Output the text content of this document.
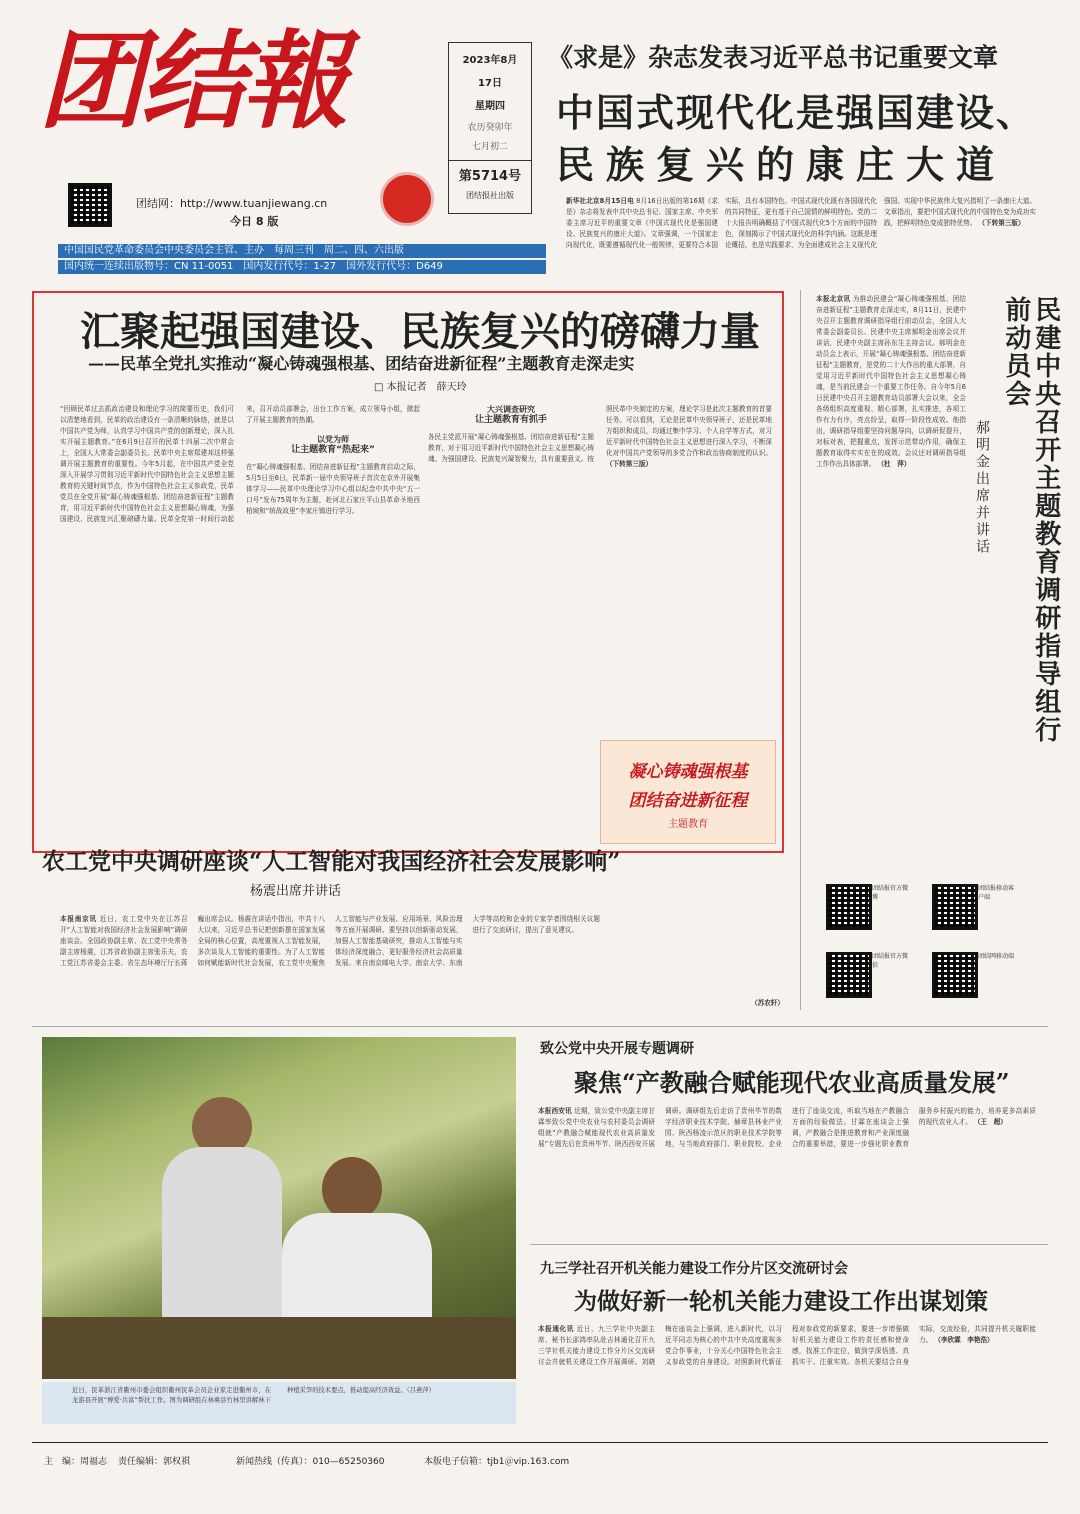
团结報	2023年8月
17日
星期四
农历癸卯年
七月初二
第5714号
团结报社出版
团结网：http://www.tuanjiewang.cn
今日 8 版
中国国民党革命委员会中央委员会主管、主办　每周三刊　周二、四、六出版
国内统一连续出版物号：CN 11-0051　国内发行代号：1-27　国外发行代号：D649
《求是》杂志发表习近平总书记重要文章
中国式现代化是强国建设、
民族复兴的康庄大道
新华社北京8月15日电 8月16日出版的第16期《求是》杂志将发表中共中央总书记、国家主席、中央军委主席习近平的重要文章《中国式现代化是强国建设、民族复兴的康庄大道》。文章强调，一个国家走向现代化，既要遵循现代化一般规律，更要符合本国实际，具有本国特色。中国式现代化既有各国现代化的共同特征，更有基于自己国情的鲜明特色。党的二十大报告明确概括了中国式现代化5个方面的中国特色，深刻揭示了中国式现代化的科学内涵。这既是理论概括，也是实践要求，为全面建成社会主义现代化强国、实现中华民族伟大复兴指明了一条康庄大道。文章指出，要把中国式现代化的中国特色变为成功实践，把鲜明特色变成独特优势。 （下转第三版）
汇聚起强国建设、民族复兴的磅礴力量
——民革全党扎实推动“凝心铸魂强根基、团结奋进新征程”主题教育走深走实
□ 本报记者　薛天玲
“回顾民革过去抓政治建设和理论学习的简要历史，我们可以清楚地看到，民革的政治建设有一条清晰的脉络，就是以中国共产党为师，认真学习中国共产党的创新理论，深入扎实开展主题教育。”在6月9日召开的民革十四届二次中常会上，全国人大常委会副委员长、民革中央主席郑建邦这样强调开展主题教育的重要性。今年5月起，在中国共产党全党深入开展学习贯彻习近平新时代中国特色社会主义思想主题教育的关键时间节点，作为中国特色社会主义参政党，民革党员在全党开展“凝心铸魂强根基、团结奋进新征程”主题教育，用习近平新时代中国特色社会主义思想凝心铸魂，为强国建设、民族复兴汇聚磅礴力量。民革全党第一时间行动起来，召开动员部署会，出台工作方案，成立领导小组，掀起了开展主题教育的热潮。
以党为师
让主题教育“热起来”
在“凝心铸魂强根基、团结奋进新征程”主题教育启动之际，5月5日至6日，民革新一届中央领导班子首次在京外开展集体学习——民革中央理论学习中心组以纪念中共中央“五一口号”发布75周年为主题，赴河北石家庄平山县革命圣地西柏坡和“统战故里”李家庄镇进行学习。
大兴调查研究
让主题教育有抓手
各民主党派开展“凝心铸魂强根基、团结奋进新征程”主题教育，对于用习近平新时代中国特色社会主义思想凝心铸魂、为强国建设、民族复兴凝智聚力，具有重要意义。按照民革中央制定的方案，理论学习是此次主题教育的首要任务。可以看到，无论是民革中央领导班子，还是民革地方组织和成员，均通过集中学习、个人自学等方式，对习近平新时代中国特色社会主义思想进行深入学习，不断深化对中国共产党领导的多党合作和政治协商制度的认识。 （下转第三版）
凝心铸魂强根基
团结奋进新征程
主题教育
民建中央召开主题教育调研指导组行前动员会
郝明金出席并讲话
本报北京讯 为推动民建会“凝心铸魂强根基、团结奋进新征程”主题教育走深走实，8月11日，民建中央召开主题教育调研指导组行前动员会，全国人大常委会副委员长、民建中央主席郝明金出席会议并讲话，民建中央副主席孙东生主持会议。郝明金在动员会上表示，开展“凝心铸魂强根基、团结奋进新征程”主题教育，是党的二十大作出的重大部署，自觉用习近平新时代中国特色社会主义思想凝心铸魂，是当前民建会一个重要工作任务。自今年5月6日民建中央召开主题教育动员部署大会以来，全会各级组织高度重视、精心部署，扎实推进，各项工作有力有序，亮点纷呈，取得一阶段性成效。他指出，调研指导组要坚持问题导向，以调研促提升，对标对表，把握重点，发挥示范带动作用，确保主题教育取得实实在在的成效。会议还对调研指导组工作作出具体部署。 （杜　萍）
团结报官方微博
团结报移动客户端
团结报官方微信
团结网移动端
农工党中央调研座谈“人工智能对我国经济社会发展影响”
杨震出席并讲话
本报南京讯 近日，农工党中央在江苏召开“人工智能对我国经济社会发展影响”调研座谈会。全国政协副主席、农工党中央常务副主席杨震，江苏省政协副主席张乐夫，农工党江苏省委会主委、省生态环境厅厅长蒋巍出席会议。杨震在讲话中指出，中共十八大以来，习近平总书记把创新摆在国家发展全局的核心位置，高度重视人工智能发展，多次谈及人工智能的重要性。为了人工智能如何赋能新时代社会发展，农工党中央聚焦人工智能与产业发展、应用场景、风险治理等方面开展调研。要坚持以创新驱动发展，加强人工智能基础研究，推动人工智能与实体经济深度融合，更好服务经济社会高质量发展。来自南京邮电大学、南京大学、东南大学等高校和企业的专家学者围绕相关议题进行了交流研讨，提出了意见建议。
（苏农轩）
近日，民革浙江省衢州市委会组织衢州民革会员企业家走进衢州市，在龙游县开展“博爱·共富”帮扶工作。图为调研组在林乘县竹林里讲解林下种植采笋的技术要点，推动提高经济效益。（吕燕萍）
致公党中央开展专题调研
聚焦“产教融合赋能现代农业高质量发展”
本报西安讯 近期，致公党中央副主席甘霖率致公党中央农业与农村委员会调研组就“产教融合赋能现代农业高质量发展”专题先后在贵州毕节、陕西西安开展调研。调研组先后走访了贵州毕节的数字经济职业技术学院、赫章县林业产业园、陕西杨凌示范区的职业技术学院等地，与当地政府部门、职业院校、企业进行了座谈交流，听取当地在产教融合方面的经验做法。甘霖在座谈会上强调，产教融合是推进教育和产业深度融合的重要举措，要进一步强化职业教育服务乡村振兴的能力，培养更多高素质的现代农业人才。 （王　超）
九三学社召开机关能力建设工作分片区交流研讨会
为做好新一轮机关能力建设工作出谋划策
本报通化讯 近日，九三学社中央副主席、秘书长邵鸿率队赴吉林通化召开九三学社机关能力建设工作分片区交流研讨会并就机关建设工作开展调研。刘晓梅在座谈会上强调，进入新时代，以习近平同志为核心的中共中央高度重视多党合作事业，十分关心中国特色社会主义参政党的自身建设。对照新时代新征程对参政党的新要求，要进一步增强做好机关能力建设工作的责任感和使命感，找准工作定位，做到学深悟透、真抓实干、注重实效。各机关要结合自身实际，交流经验，共同提升机关履职能力。 （李欣霖　李艳浩）
主　编：周福志 责任编辑：郭权祺	新闻热线（传真）：010—65250360	本版电子信箱：tjb1＠vip.163.com
